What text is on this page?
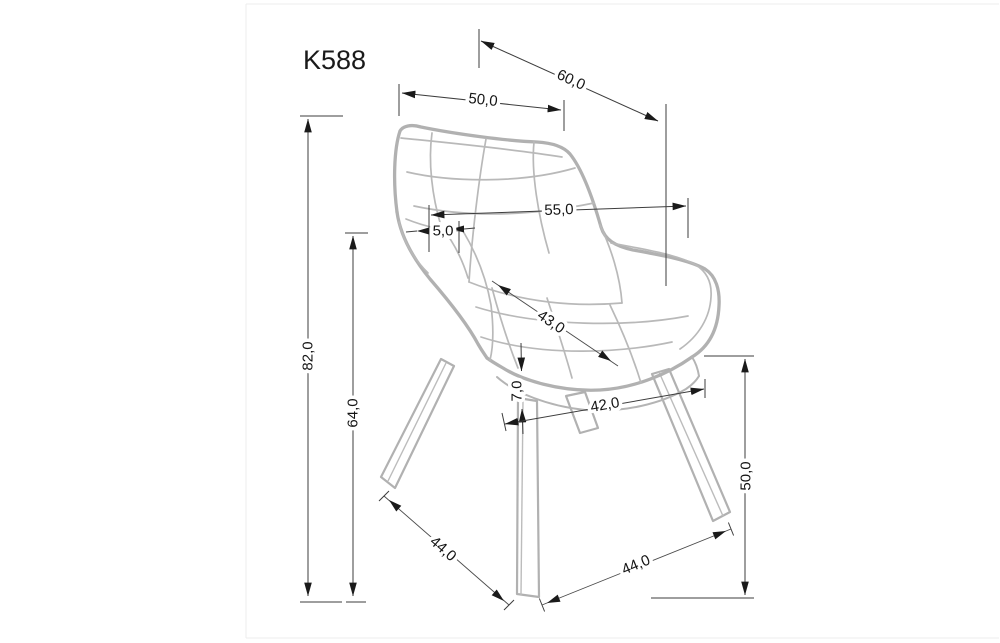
82,0
64,0
50,0
60,0
55,0
5,0
43,0
7,0
42,0
50,0
44,0
44,0
K588
